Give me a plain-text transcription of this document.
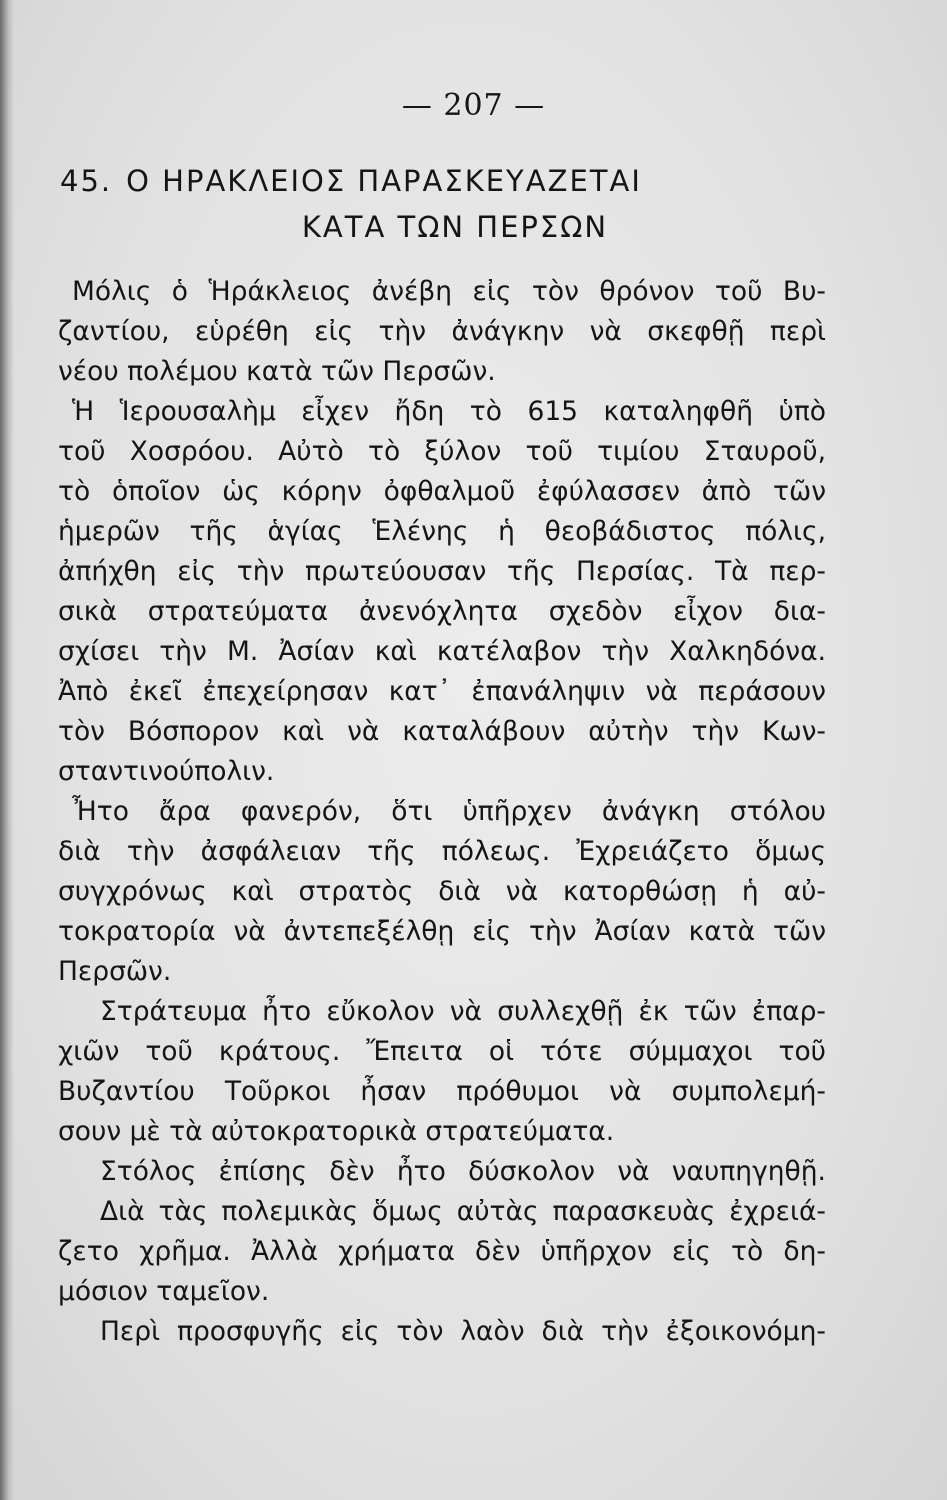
— 207 —
45. Ο ΗΡΑΚΛΕΙΟΣ ΠΑΡΑΣΚΕΥΑΖΕΤΑΙ
ΚΑΤΑ ΤΩΝ ΠΕΡΣΩΝ
Μόλις ὁ Ἡράκλειος ἀνέβη εἰς τὸν θρόνον τοῦ Βυ-
ζαντίου, εὑρέθη εἰς τὴν ἀνάγκην νὰ σκεφθῇ περὶ
νέου πολέμου κατὰ τῶν Περσῶν.
Ἡ Ἱερουσαλὴμ εἶχεν ἤδη τὸ 615 καταληφθῆ ὑπὸ
τοῦ Χοσρόου. Αὐτὸ τὸ ξύλον τοῦ τιμίου Σταυροῦ,
τὸ ὁποῖον ὡς κόρην ὀφθαλμοῦ ἐφύλασσεν ἀπὸ τῶν
ἡμερῶν τῆς ἁγίας Ἑλένης ἡ θεοβάδιστος πόλις,
ἀπήχθη εἰς τὴν πρωτεύουσαν τῆς Περσίας. Τὰ περ-
σικὰ στρατεύματα ἀνενόχλητα σχεδὸν εἶχον δια-
σχίσει τὴν Μ. Ἀσίαν καὶ κατέλαβον τὴν Χαλκηδόνα.
Ἀπὸ ἐκεῖ ἐπεχείρησαν κατ᾽ ἐπανάληψιν νὰ περάσουν
τὸν Βόσπορον καὶ νὰ καταλάβουν αὐτὴν τὴν Κων-
σταντινούπολιν.
Ἦτο ἄρα φανερόν, ὅτι ὑπῆρχεν ἀνάγκη στόλου
διὰ τὴν ἀσφάλειαν τῆς πόλεως. Ἐχρειάζετο ὅμως
συγχρόνως καὶ στρατὸς διὰ νὰ κατορθώσῃ ἡ αὐ-
τοκρατορία νὰ ἀντεπεξέλθῃ εἰς τὴν Ἀσίαν κατὰ τῶν
Περσῶν.
Στράτευμα ἦτο εὔκολον νὰ συλλεχθῇ ἐκ τῶν ἐπαρ-
χιῶν τοῦ κράτους. Ἔπειτα οἱ τότε σύμμαχοι τοῦ
Βυζαντίου Τοῦρκοι ἦσαν πρόθυμοι νὰ συμπολεμή-
σουν μὲ τὰ αὐτοκρατορικὰ στρατεύματα.
Στόλος ἐπίσης δὲν ἦτο δύσκολον νὰ ναυπηγηθῇ.
Διὰ τὰς πολεμικὰς ὅμως αὐτὰς παρασκευὰς ἐχρειά-
ζετο χρῆμα. Ἀλλὰ χρήματα δὲν ὑπῆρχον εἰς τὸ δη-
μόσιον ταμεῖον.
Περὶ προσφυγῆς εἰς τὸν λαὸν διὰ τὴν ἐξοικονόμη-
